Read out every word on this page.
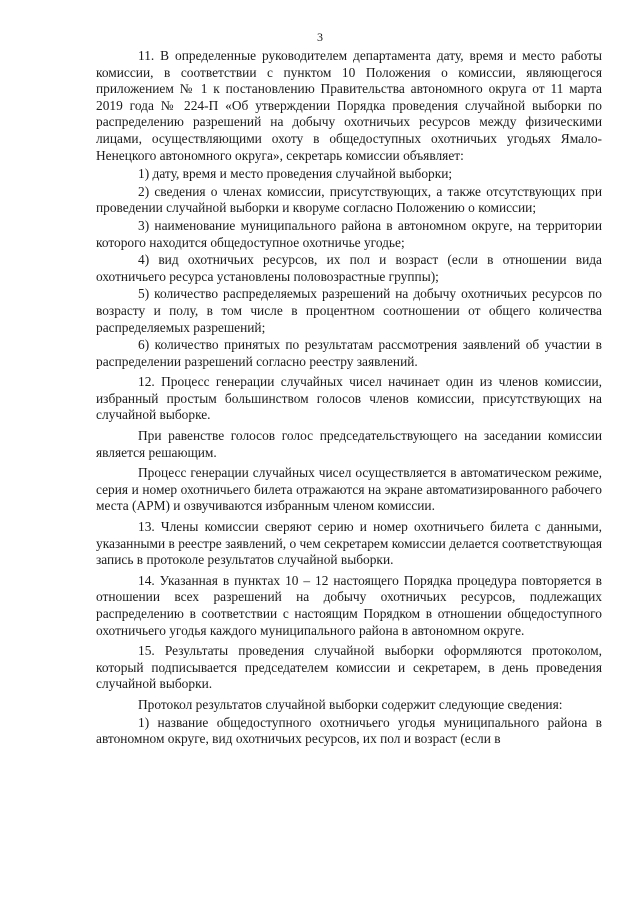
3

11. В определенные руководителем департамента дату, время и место работы комиссии, в соответствии с пунктом 10 Положения о комиссии, являющегося приложением № 1 к постановлению Правительства автономного округа от 11 марта 2019 года № 224-П «Об утверждении Порядка проведения случайной выборки по распределению разрешений на добычу охотничьих ресурсов между физическими лицами, осуществляющими охоту в общедоступных охотничьих угодьях Ямало-Ненецкого автономного округа», секретарь комиссии объявляет:

1) дату, время и место проведения случайной выборки;

2) сведения о членах комиссии, присутствующих, а также отсутствующих при проведении случайной выборки и кворуме согласно Положению о комиссии;

3) наименование муниципального района в автономном округе, на территории которого находится общедоступное охотничье угодье;

4) вид охотничьих ресурсов, их пол и возраст (если в отношении вида охотничьего ресурса установлены половозрастные группы);

5) количество распределяемых разрешений на добычу охотничьих ресурсов по возрасту и полу, в том числе в процентном соотношении от общего количества распределяемых разрешений;

6) количество принятых по результатам рассмотрения заявлений об участии в распределении разрешений согласно реестру заявлений.

12. Процесс генерации случайных чисел начинает один из членов комиссии, избранный простым большинством голосов членов комиссии, присутствующих на случайной выборке.

При равенстве голосов голос председательствующего на заседании комиссии является решающим.

Процесс генерации случайных чисел осуществляется в автоматическом режиме, серия и номер охотничьего билета отражаются на экране автоматизированного рабочего места (АРМ) и озвучиваются избранным членом комиссии.

13. Члены комиссии сверяют серию и номер охотничьего билета с данными, указанными в реестре заявлений, о чем секретарем комиссии делается соответствующая запись в протоколе результатов случайной выборки.

14. Указанная в пунктах 10 – 12 настоящего Порядка процедура повторяется в отношении всех разрешений на добычу охотничьих ресурсов, подлежащих распределению в соответствии с настоящим Порядком в отношении общедоступного охотничьего угодья каждого муниципального района в автономном округе.

15. Результаты проведения случайной выборки оформляются протоколом, который подписывается председателем комиссии и секретарем, в день проведения случайной выборки.

Протокол результатов случайной выборки содержит следующие сведения:

1) название общедоступного охотничьего угодья муниципального района в автономном округе, вид охотничьих ресурсов, их пол и возраст (если в
